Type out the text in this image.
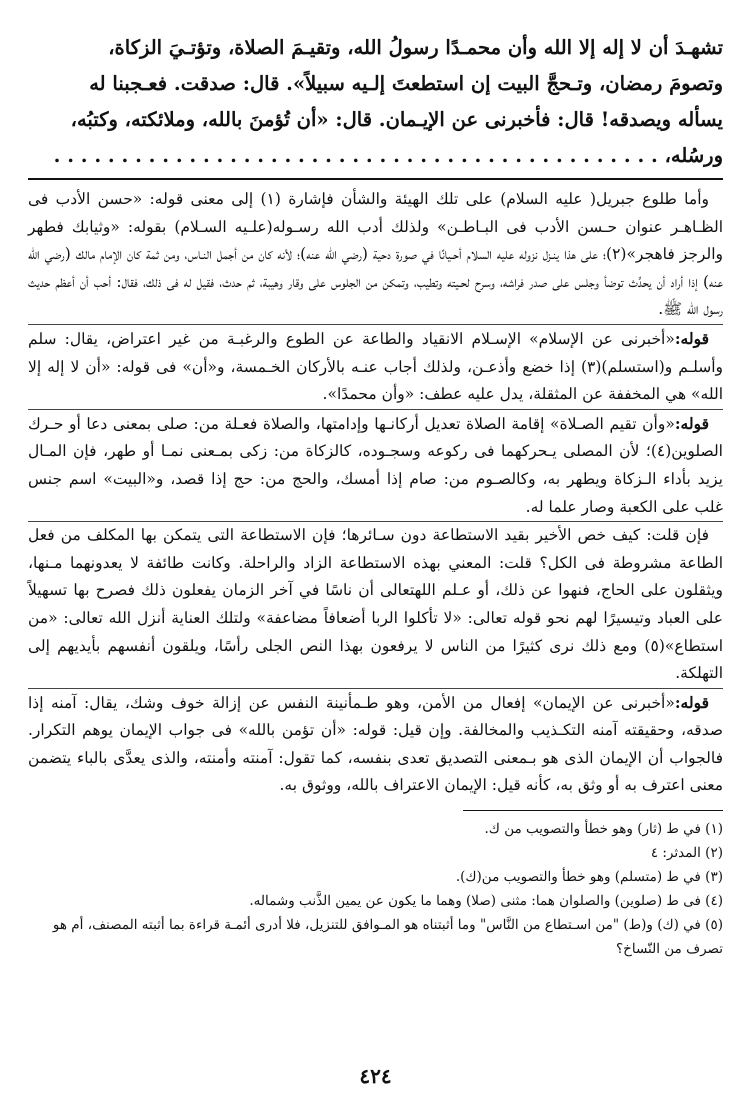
تشهـدَ أن لا إله إلا الله وأن محمـدًا رسولُ الله، وتقيـمَ الصلاة، وتؤتـيَ الزكاة،

وتصومَ رمضان، وتـحجَّ البيت إن استطعتَ إلـيه سبيلاً». قال: صدقت. فعـجبنا له

يسأله ويصدقه! قال: فأخبرنى عن الإيـمان. قال: «أن تُؤمنَ بالله، وملائكته، وكتبُه،

ورسُله، . . . . . . . . . . . . . . . . . . . . . . . . . . . . . . . . . . . . . . . . . . . . .

وأما طلوع جبريل( عليه السلام) على تلك الهيئة والشأن فإشارة (١) إلى معنى قوله: «حسن الأدب فى الظـاهـر عنوان حـسن الأدب فى البـاطـن» ولذلك أدب الله رسـوله(علـيه السـلام) بقوله: «وثيابك فطهر والرجز فاهجر»(٢)؛ على هذا ينـزل نزوله عليه السلام أحـيانًا في صورة دحية (رضي الله عنه)؛ لأنه كان من أجمل النـاس، ومن ثمة كان الإمام مالك (رضي الله عنه) إذا أراد أن يحدِّث توضأ وجلس على صدر فراشه، وسرح لحـيته وتطيب، وتمكن من الجلوس على وقار وهيبة، ثم حدث، فقيل له فى ذلك، فقال: أحب أن أعظم حديث رسول الله ﷺ.

قوله:«أخبرنى عن الإسلام» الإسـلام الانقياد والطاعة عن الطوع والرغبـة من غير اعتراض، يقال: سلم وأسلـم و(استسلم)(٣) إذا خضع وأذعـن، ولذلك أجاب عنـه بالأركان الخـمسة، و«أن» فى قوله: «أن لا إله إلا الله» هي المخففة عن المثقلة، يدل عليه عطف: «وأن محمدًا».

قوله:«وأن تقيم الصـلاة» إقامة الصلاة تعديل أركانـها وإدامتها، والصلاة فعـلة من: صلى بمعنى دعا أو حـرك الصلوين(٤)؛ لأن المصلى يـحركهما فى ركوعه وسجـوده، كالزكاة من: زكى بمـعنى نمـا أو طهر، فإن المـال يزيد بأداء الـزكاة ويطهر به، وكالصـوم من: صام إذا أمسك، والحج من: حج إذا قصد، و«البيت» اسم جنس غلب على الكعبة وصار علما له.

فإن قلت: كيف خص الأخير بقيد الاستطاعة دون سـائرها؛ فإن الاستطاعة التى يتمكن بها المكلف من فعل الطاعة مشروطة فى الكل؟ قلت: المعني بهذه الاستطاعة الزاد والراحلة. وكانت طائفة لا يعدونهما مـنها، ويثقلون على الحاج، فنهوا عن ذلك، أو عـلم اللهتعالى أن ناسًا في آخر الزمان يفعلون ذلك فصرح بها تسهيلاً على العباد وتيسيرًا لهم نحو قوله تعالى: «لا تأكلوا الربا أضعافاً مضاعفة» ولتلك العناية أنزل الله تعالى: «من استطاع»(٥) ومع ذلك نرى كثيرًا من الناس لا يرفعون بهذا النص الجلى رأسًا، ويلقون أنفسهم بأيديهم إلى التهلكة.

قوله:«أخبرنى عن الإيمان» إفعال من الأمن، وهو طـمأنينة النفس عن إزالة خوف وشك، يقال: آمنه إذا صدقه، وحقيقته آمنه التكـذيب والمخالفة. وإن قيل: قوله: «أن تؤمن بالله» فى جواب الإيمان يوهم التكرار. فالجواب أن الإيمان الذى هو بـمعنى التصديق تعدى بنفسه، كما تقول: آمنته وأمنته، والذى يعدَّى بالباء يتضمن معنى اعترف به أو وثق به، كأنه قيل: الإيمان الاعتراف بالله، ووثوق به.

(١) في ط (ثار) وهو خطأ والتصويب من ك.

(٢) المدثر: ٤

(٣) في ط (متسلم) وهو خطأ والتصويب من(ك).

(٤) فى ط (صلوين) والصلوان هما: مثنى (صلا) وهما ما يكون عن يمين الذَّنب وشماله.

(٥) في (ك) و(ط) "من اسـتطاع من النَّاس" وما أثبتناه هو المـوافق للتنزيل، فلا أدرى أئمـة قراءة بما أثبته المصنف، أم هو تصرف من النّساخ؟

٤٢٤
